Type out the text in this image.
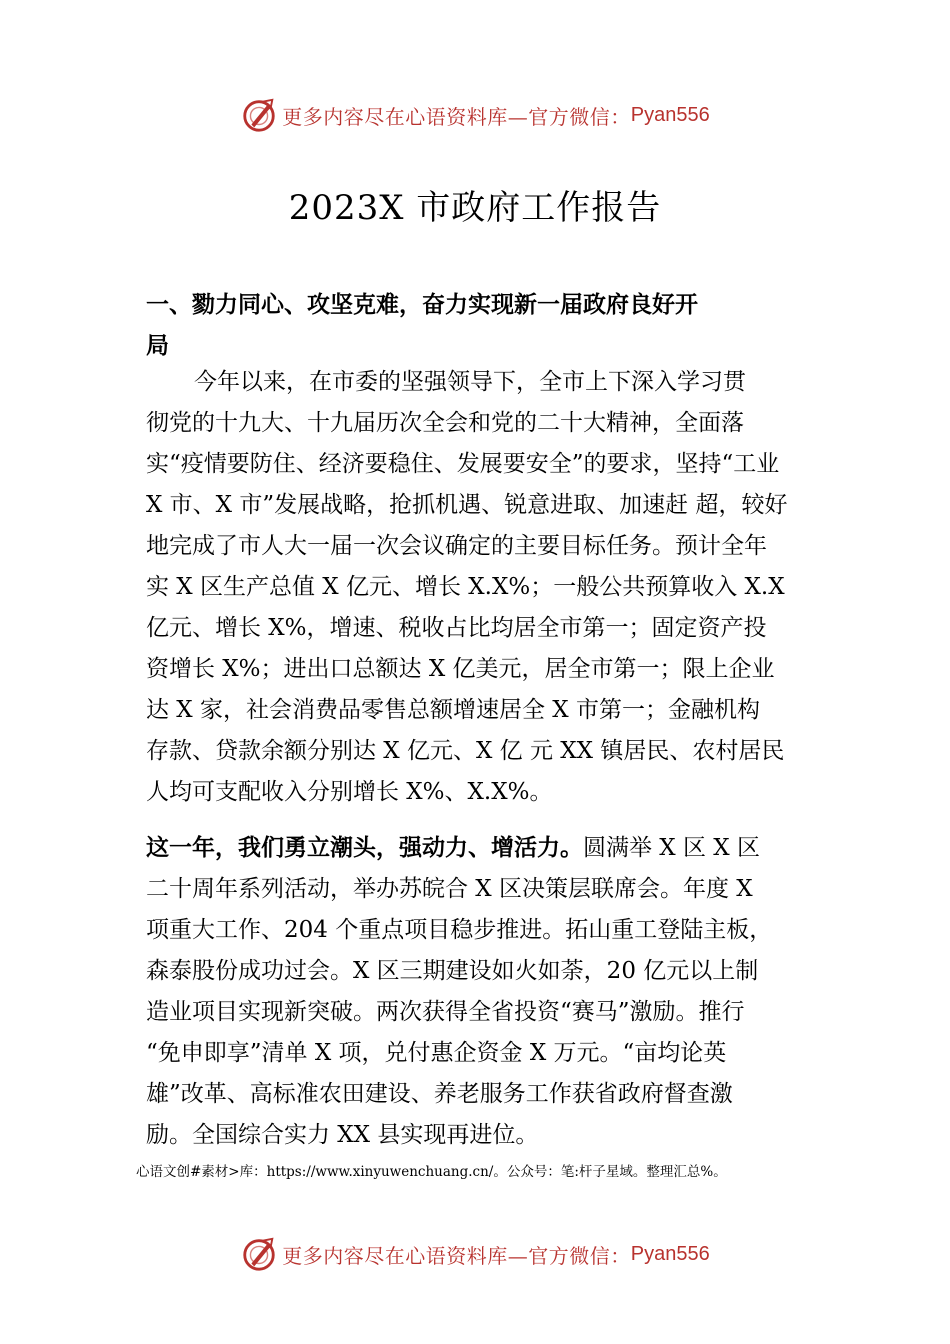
更多内容尽在心语资料库—官方微信： Pyan556
2023X 市政府工作报告
一、勠力同心、攻坚克难，奋力实现新一届政府良好开
局
今年以来，在市委的坚强领导下，全市上下深入学习贯
彻党的十九大、十九届历次全会和党的二十大精神，全面落
实“疫情要防住、经济要稳住、发展要安全”的要求，坚持“工业
X 市、X 市”发展战略，抢抓机遇、锐意进取、加速赶 超，较好
地完成了市人大一届一次会议确定的主要目标任务。预计全年
实 X 区生产总值 X 亿元、增长 X.X%；一般公共预算收入 X.X
亿元、增长 X%，增速、税收占比均居全市第一；固定资产投
资增长 X%；进出口总额达 X 亿美元，居全市第一；限上企业
达 X 家，社会消费品零售总额增速居全 X 市第一；金融机构
存款、贷款余额分别达 X 亿元、X 亿 元 XX 镇居民、农村居民
人均可支配收入分别增长 X%、X.X%。
这一年，我们勇立潮头，强动力、增活力。圆满举 X 区 X 区
二十周年系列活动，举办苏皖合 X 区决策层联席会。年度 X
项重大工作、204 个重点项目稳步推进。拓山重工登陆主板，
森泰股份成功过会。X 区三期建设如火如荼，20 亿元以上制
造业项目实现新突破。两次获得全省投资“赛马”激励。推行
“免申即享”清单 X 项，兑付惠企资金 X 万元。“亩均论英
雄”改革、高标准农田建设、养老服务工作获省政府督查激
励。全国综合实力 XX 县实现再进位。
心语文创#素材>库：https://www.xinyuwenchuang.cn/。公众号：笔:杆子星域。整理汇总%。
更多内容尽在心语资料库—官方微信： Pyan556
